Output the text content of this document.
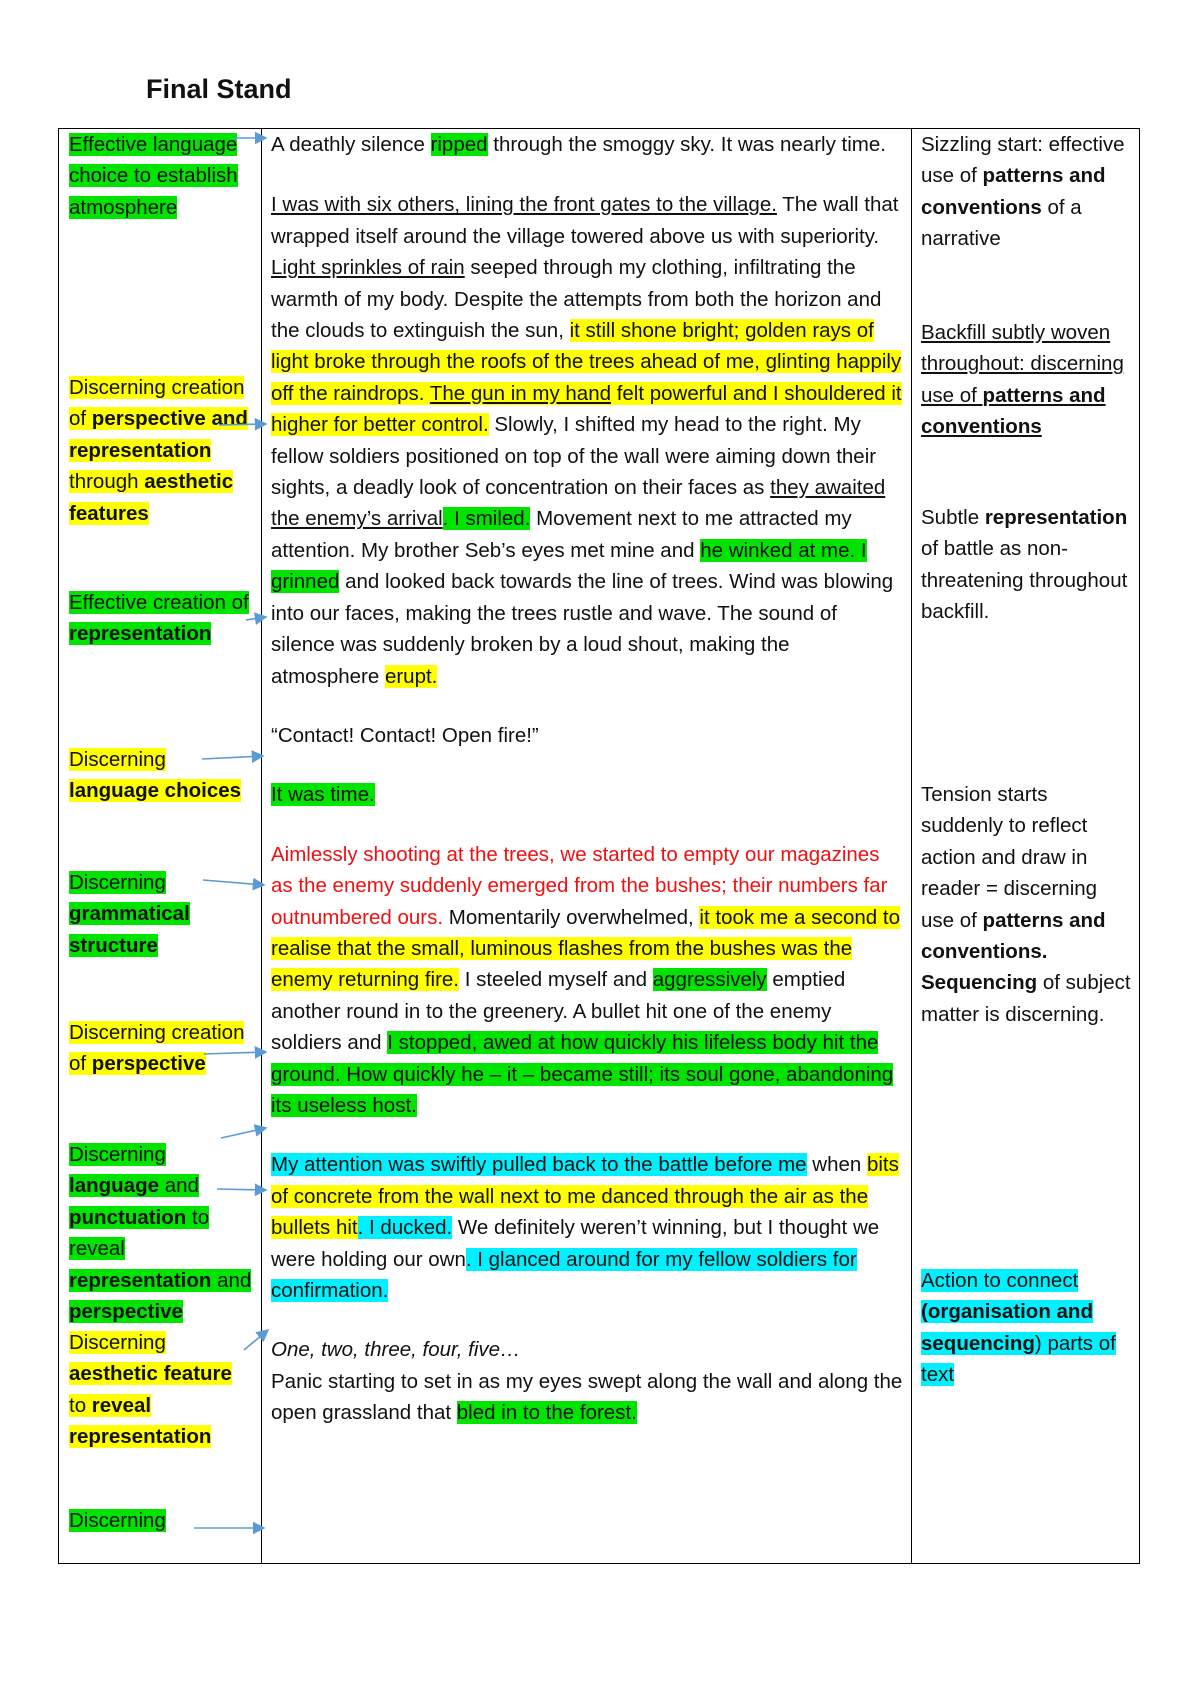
Final Stand

Effective language choice to establish atmosphere

Discerning creation of perspective and representation through aesthetic features

Effective creation of representation

Discerning language choices

Discerning grammatical structure

Discerning creation of perspective

Discerning language and punctuation to reveal representation and perspective

Discerning aesthetic feature to reveal representation

Discerning

A deathly silence ripped through the smoggy sky. It was nearly time.

I was with six others, lining the front gates to the village. The wall that wrapped itself around the village towered above us with superiority. Light sprinkles of rain seeped through my clothing, infiltrating the warmth of my body. Despite the attempts from both the horizon and the clouds to extinguish the sun, it still shone bright; golden rays of light broke through the roofs of the trees ahead of me, glinting happily off the raindrops. The gun in my hand felt powerful and I shouldered it higher for better control. Slowly, I shifted my head to the right. My fellow soldiers positioned on top of the wall were aiming down their sights, a deadly look of concentration on their faces as they awaited the enemy’s arrival. I smiled. Movement next to me attracted my attention. My brother Seb’s eyes met mine and he winked at me. I grinned and looked back towards the line of trees. Wind was blowing into our faces, making the trees rustle and wave. The sound of silence was suddenly broken by a loud shout, making the atmosphere erupt.

“Contact! Contact! Open fire!”

It was time.

Aimlessly shooting at the trees, we started to empty our magazines as the enemy suddenly emerged from the bushes; their numbers far outnumbered ours. Momentarily overwhelmed, it took me a second to realise that the small, luminous flashes from the bushes was the enemy returning fire. I steeled myself and aggressively emptied another round in to the greenery. A bullet hit one of the enemy soldiers and I stopped, awed at how quickly his lifeless body hit the ground. How quickly he – it – became still; its soul gone, abandoning its useless host.

My attention was swiftly pulled back to the battle before me when bits of concrete from the wall next to me danced through the air as the bullets hit. I ducked. We definitely weren’t winning, but I thought we were holding our own. I glanced around for my fellow soldiers for confirmation.

One, two, three, four, five…
Panic starting to set in as my eyes swept along the wall and along the open grassland that bled in to the forest.

Sizzling start: effective use of patterns and conventions of a narrative

Backfill subtly woven throughout: discerning use of patterns and conventions

Subtle representation of battle as non-threatening throughout backfill.

Tension starts suddenly to reflect action and draw in reader = discerning use of patterns and conventions. Sequencing of subject matter is discerning.

Action to connect (organisation and sequencing) parts of text
